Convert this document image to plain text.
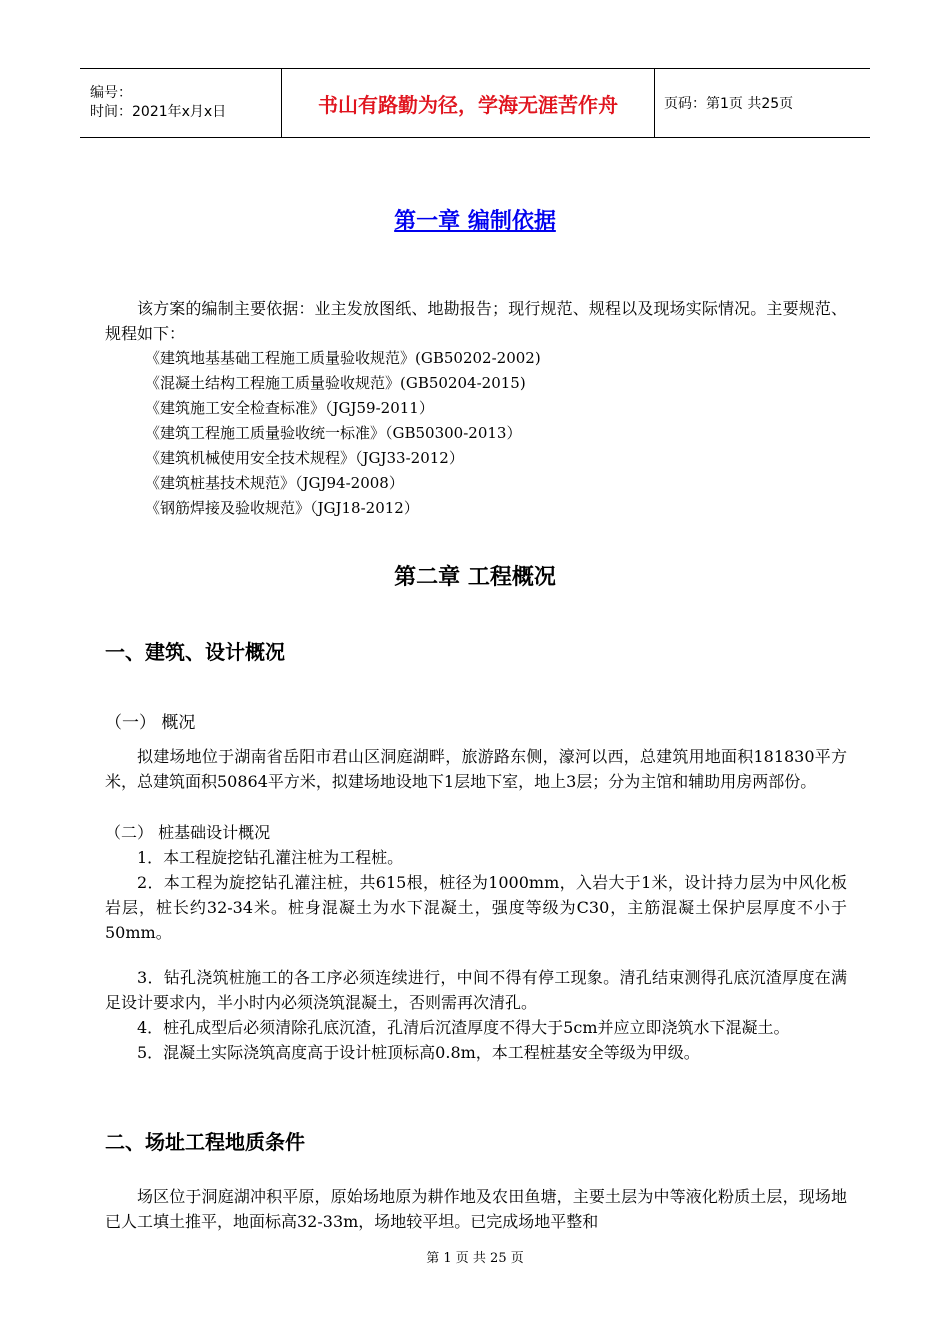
编号：
时间：2021年x月x日	书山有路勤为径，学海无涯苦作舟	页码：第1页 共25页
第一章 编制依据

该方案的编制主要依据：业主发放图纸、地勘报告；现行规范、规程以及现场实际情况。主要规范、规程如下：

《建筑地基基础工程施工质量验收规范》(GB50202-2002)
《混凝土结构工程施工质量验收规范》(GB50204-2015)
《建筑施工安全检查标准》（JGJ59-2011）
《建筑工程施工质量验收统一标准》（GB50300-2013）
《建筑机械使用安全技术规程》（JGJ33-2012）
《建筑桩基技术规范》（JGJ94-2008）
《钢筋焊接及验收规范》（JGJ18-2012）
第二章 工程概况
一、建筑、设计概况
（一） 概况

拟建场地位于湖南省岳阳市君山区洞庭湖畔，旅游路东侧，濠河以西，总建筑用地面积181830平方米，总建筑面积50864平方米，拟建场地设地下1层地下室，地上3层；分为主馆和辅助用房两部份。

（二） 桩基础设计概况

1．本工程旋挖钻孔灌注桩为工程桩。

2．本工程为旋挖钻孔灌注桩，共615根，桩径为1000mm，入岩大于1米，设计持力层为中风化板岩层，桩长约32-34米。桩身混凝土为水下混凝土，强度等级为C30，主筋混凝土保护层厚度不小于50mm。

3．钻孔浇筑桩施工的各工序必须连续进行，中间不得有停工现象。清孔结束测得孔底沉渣厚度在满足设计要求内，半小时内必须浇筑混凝土，否则需再次清孔。

4．桩孔成型后必须清除孔底沉渣，孔清后沉渣厚度不得大于5cm并应立即浇筑水下混凝土。

5．混凝土实际浇筑高度高于设计桩顶标高0.8m，本工程桩基安全等级为甲级。

二、场址工程地质条件

场区位于洞庭湖冲积平原，原始场地原为耕作地及农田鱼塘，主要土层为中等液化粉质土层，现场地已人工填土推平，地面标高32-33m，场地较平坦。已完成场地平整和

第 1 页 共 25 页
